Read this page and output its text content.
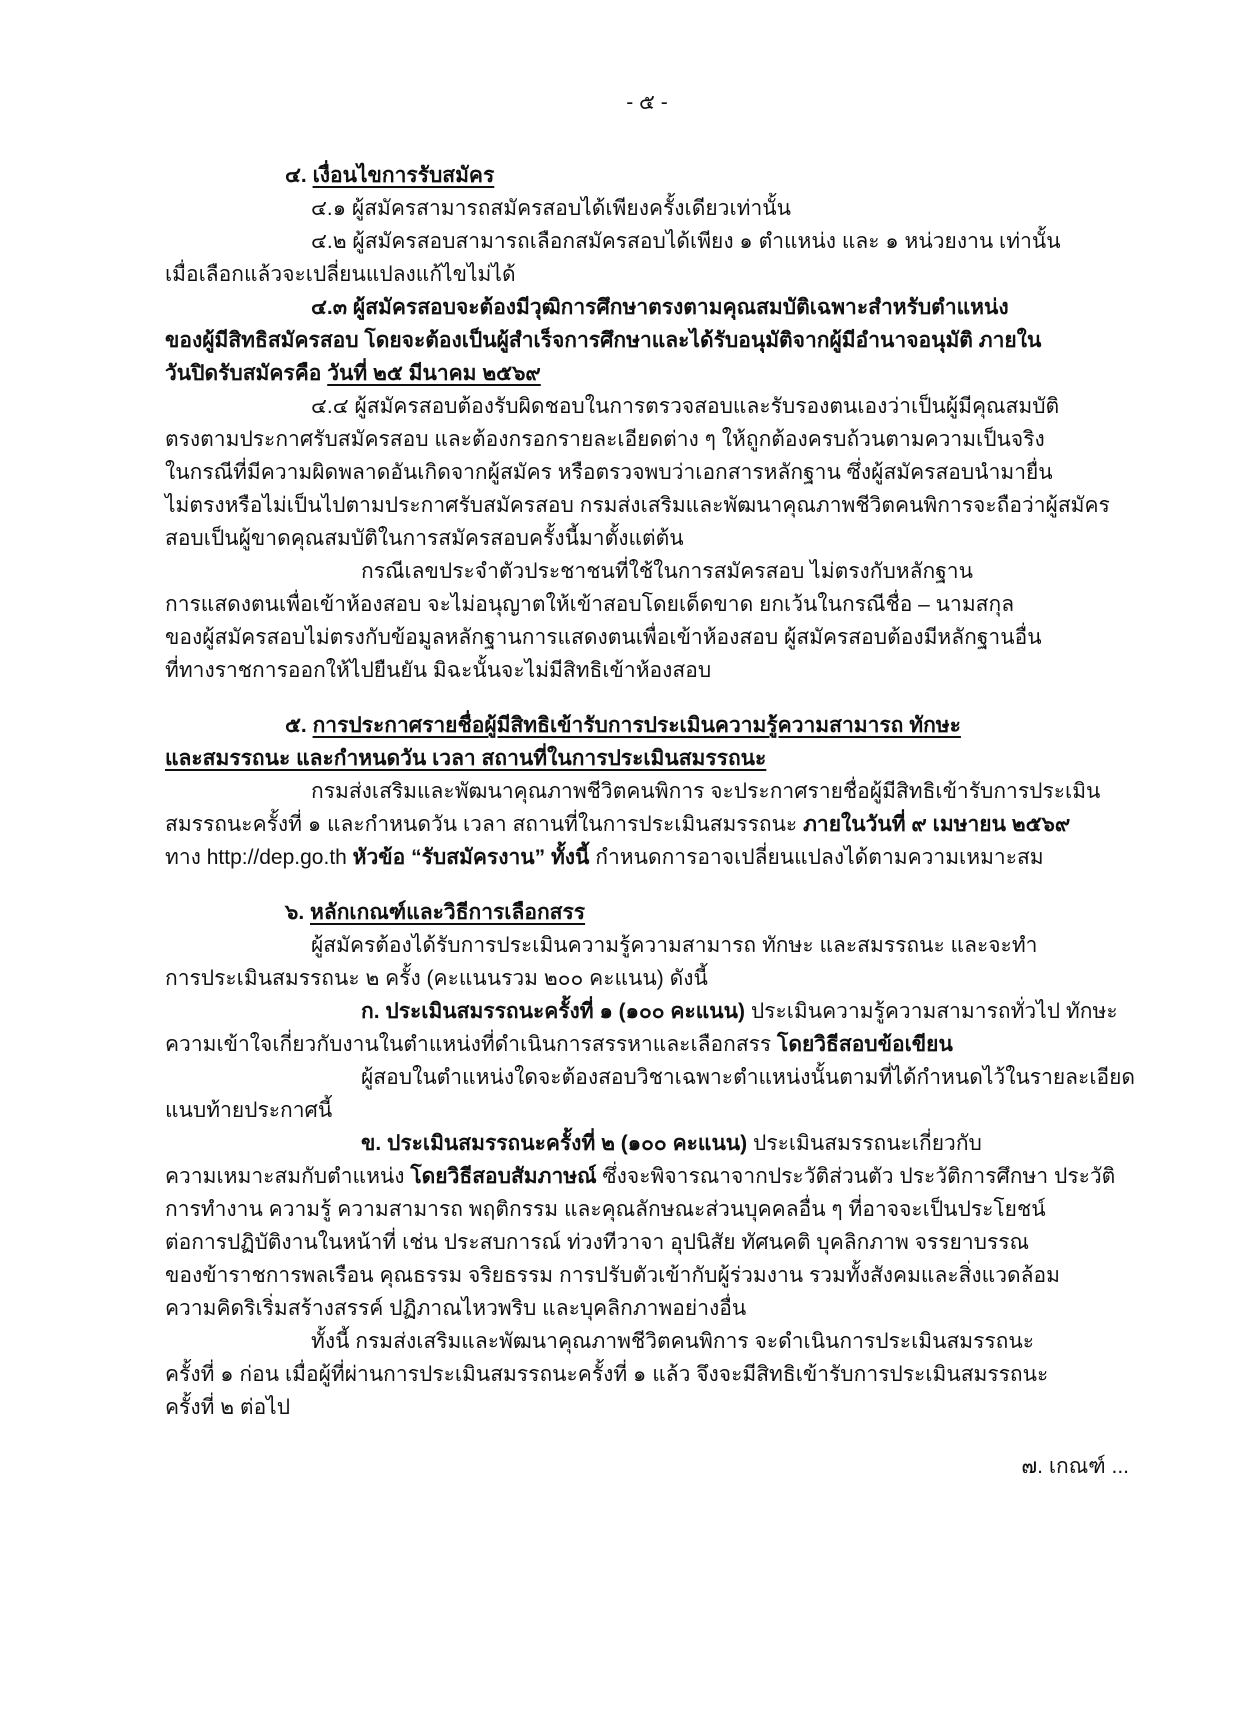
- ๕ -
๔. เงื่อนไขการรับสมัคร
๔.๑ ผู้สมัครสามารถสมัครสอบได้เพียงครั้งเดียวเท่านั้น
๔.๒ ผู้สมัครสอบสามารถเลือกสมัครสอบได้เพียง ๑ ตำแหน่ง และ ๑ หน่วยงาน เท่านั้น
เมื่อเลือกแล้วจะเปลี่ยนแปลงแก้ไขไม่ได้
๔.๓ ผู้สมัครสอบจะต้องมีวุฒิการศึกษาตรงตามคุณสมบัติเฉพาะสำหรับตำแหน่ง
ของผู้มีสิทธิสมัครสอบ โดยจะต้องเป็นผู้สำเร็จการศึกษาและได้รับอนุมัติจากผู้มีอำนาจอนุมัติ ภายใน
วันปิดรับสมัครคือ วันที่ ๒๕ มีนาคม ๒๕๖๙
๔.๔ ผู้สมัครสอบต้องรับผิดชอบในการตรวจสอบและรับรองตนเองว่าเป็นผู้มีคุณสมบัติ
ตรงตามประกาศรับสมัครสอบ และต้องกรอกรายละเอียดต่าง ๆ ให้ถูกต้องครบถ้วนตามความเป็นจริง
ในกรณีที่มีความผิดพลาดอันเกิดจากผู้สมัคร หรือตรวจพบว่าเอกสารหลักฐาน ซึ่งผู้สมัครสอบนำมายื่น
ไม่ตรงหรือไม่เป็นไปตามประกาศรับสมัครสอบ กรมส่งเสริมและพัฒนาคุณภาพชีวิตคนพิการจะถือว่าผู้สมัคร
สอบเป็นผู้ขาดคุณสมบัติในการสมัครสอบครั้งนี้มาตั้งแต่ต้น
กรณีเลขประจำตัวประชาชนที่ใช้ในการสมัครสอบ ไม่ตรงกับหลักฐาน
การแสดงตนเพื่อเข้าห้องสอบ จะไม่อนุญาตให้เข้าสอบโดยเด็ดขาด ยกเว้นในกรณีชื่อ – นามสกุล
ของผู้สมัครสอบไม่ตรงกับข้อมูลหลักฐานการแสดงตนเพื่อเข้าห้องสอบ ผู้สมัครสอบต้องมีหลักฐานอื่น
ที่ทางราชการออกให้ไปยืนยัน มิฉะนั้นจะไม่มีสิทธิเข้าห้องสอบ
๕. การประกาศรายชื่อผู้มีสิทธิเข้ารับการประเมินความรู้ความสามารถ ทักษะ
และสมรรถนะ และกำหนดวัน เวลา สถานที่ในการประเมินสมรรถนะ
กรมส่งเสริมและพัฒนาคุณภาพชีวิตคนพิการ จะประกาศรายชื่อผู้มีสิทธิเข้ารับการประเมิน
สมรรถนะครั้งที่ ๑ และกำหนดวัน เวลา สถานที่ในการประเมินสมรรถนะ ภายในวันที่ ๙ เมษายน ๒๕๖๙
ทาง http://dep.go.th หัวข้อ “รับสมัครงาน” ทั้งนี้ กำหนดการอาจเปลี่ยนแปลงได้ตามความเหมาะสม
๖. หลักเกณฑ์และวิธีการเลือกสรร
ผู้สมัครต้องได้รับการประเมินความรู้ความสามารถ ทักษะ และสมรรถนะ และจะทำ
การประเมินสมรรถนะ ๒ ครั้ง (คะแนนรวม ๒๐๐ คะแนน) ดังนี้
ก. ประเมินสมรรถนะครั้งที่ ๑ (๑๐๐ คะแนน) ประเมินความรู้ความสามารถทั่วไป ทักษะ
ความเข้าใจเกี่ยวกับงานในตำแหน่งที่ดำเนินการสรรหาและเลือกสรร โดยวิธีสอบข้อเขียน
ผู้สอบในตำแหน่งใดจะต้องสอบวิชาเฉพาะตำแหน่งนั้นตามที่ได้กำหนดไว้ในรายละเอียด
แนบท้ายประกาศนี้
ข. ประเมินสมรรถนะครั้งที่ ๒ (๑๐๐ คะแนน) ประเมินสมรรถนะเกี่ยวกับ
ความเหมาะสมกับตำแหน่ง โดยวิธีสอบสัมภาษณ์ ซึ่งจะพิจารณาจากประวัติส่วนตัว ประวัติการศึกษา ประวัติ
การทำงาน ความรู้ ความสามารถ พฤติกรรม และคุณลักษณะส่วนบุคคลอื่น ๆ ที่อาจจะเป็นประโยชน์
ต่อการปฏิบัติงานในหน้าที่ เช่น ประสบการณ์ ท่วงทีวาจา อุปนิสัย ทัศนคติ บุคลิกภาพ จรรยาบรรณ
ของข้าราชการพลเรือน คุณธรรม จริยธรรม การปรับตัวเข้ากับผู้ร่วมงาน รวมทั้งสังคมและสิ่งแวดล้อม
ความคิดริเริ่มสร้างสรรค์ ปฏิภาณไหวพริบ และบุคลิกภาพอย่างอื่น
ทั้งนี้ กรมส่งเสริมและพัฒนาคุณภาพชีวิตคนพิการ จะดำเนินการประเมินสมรรถนะ
ครั้งที่ ๑ ก่อน เมื่อผู้ที่ผ่านการประเมินสมรรถนะครั้งที่ ๑ แล้ว จึงจะมีสิทธิเข้ารับการประเมินสมรรถนะ
ครั้งที่ ๒ ต่อไป
๗. เกณฑ์ ...
